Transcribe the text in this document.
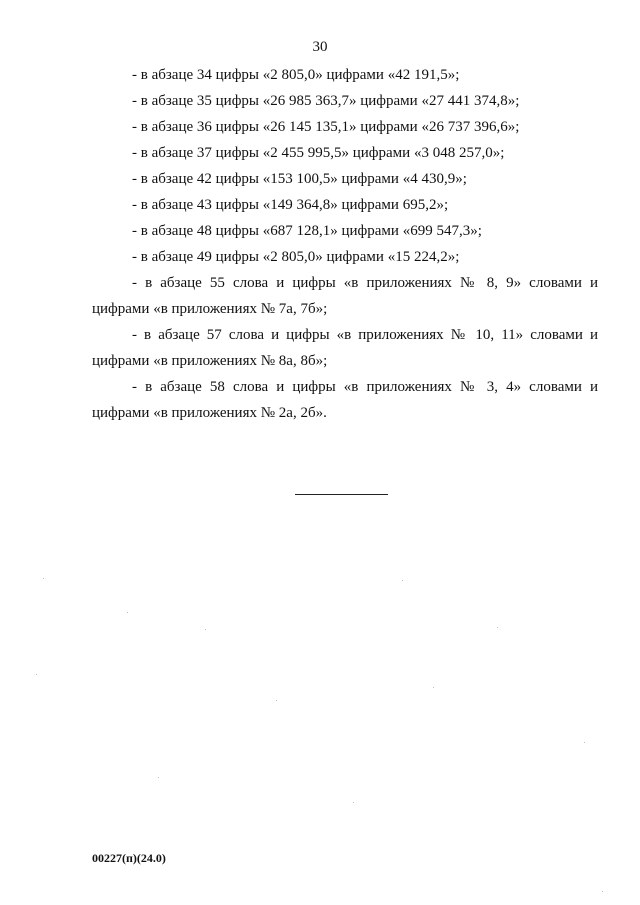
30

- в абзаце 34 цифры «2 805,0» цифрами «42 191,5»;

- в абзаце 35 цифры «26 985 363,7» цифрами «27 441 374,8»;

- в абзаце 36 цифры «26 145 135,1» цифрами «26 737 396,6»;

- в абзаце 37 цифры «2 455 995,5» цифрами «3 048 257,0»;

- в абзаце 42 цифры «153 100,5» цифрами «4 430,9»;

- в абзаце 43 цифры «149 364,8» цифрами 695,2»;

- в абзаце 48 цифры «687 128,1» цифрами «699 547,3»;

- в абзаце 49 цифры «2 805,0» цифрами «15 224,2»;

- в абзаце 55 слова и цифры «в приложениях № 8, 9» словами и цифрами «в приложениях № 7а, 7б»;

- в абзаце 57 слова и цифры «в приложениях № 10, 11» словами и цифрами «в приложениях № 8а, 8б»;

- в абзаце 58 слова и цифры «в приложениях № 3, 4» словами и цифрами «в приложениях № 2а, 2б».

00227(п)(24.0)
